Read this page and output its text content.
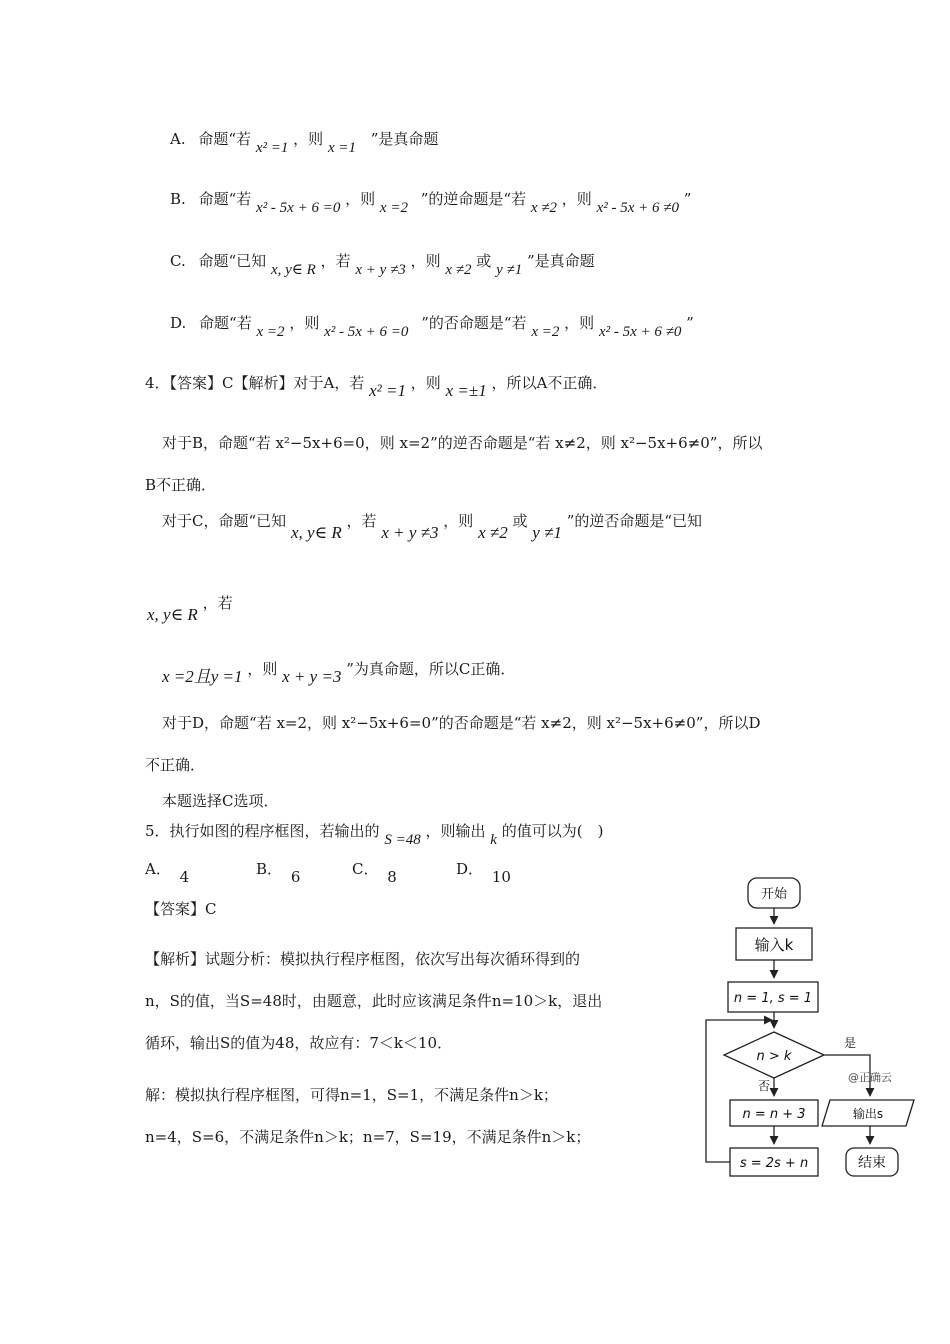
A. 命题“若 x² =1 ，则 x =1 ”是真命题
B. 命题“若 x² - 5x + 6 =0 ，则 x =2 ”的逆命题是“若 x ≠2 ，则 x² - 5x + 6 ≠0 ”
C. 命题“已知 x, y∈ R ，若 x + y ≠3 ，则 x ≠2 或 y ≠1 ”是真命题
D. 命题“若 x =2 ，则 x² - 5x + 6 =0 ”的否命题是“若 x =2 ，则 x² - 5x + 6 ≠0 ”
4．【答案】C【解析】对于A，若 x² =1 ，则 x =±1 ，所以A不正确．
对于B，命题“若 x²−5x+6=0，则 x=2”的逆否命题是“若 x≠2，则 x²−5x+6≠0”，所以
B不正确．
对于C，命题“已知 x, y∈ R ，若 x + y ≠3 ，则 x ≠2 或 y ≠1 ”的逆否命题是“已知
x, y∈ R ，若
x =2且y =1 ，则 x + y =3 ”为真命题，所以C正确．
对于D，命题“若 x=2，则 x²−5x+6=0”的否命题是“若 x≠2，则 x²−5x+6≠0”，所以D
不正确．
本题选择C选项．
5．执行如图的程序框图，若输出的 S =48 ，则输出 k 的值可以为(　)
A． 4	B． 6	C． 8	D． 10
【答案】C
【解析】试题分析：模拟执行程序框图，依次写出每次循环得到的
n，S的值，当S=48时，由题意，此时应该满足条件n=10＞k，退出
循环，输出S的值为48，故应有：7＜k＜10．
解：模拟执行程序框图，可得n=1，S=1，不满足条件n＞k；
n=4，S=6，不满足条件n＞k；n=7，S=19，不满足条件n＞k；
开始
输入k
n = 1, s = 1
n > k
是
否
n = n + 3
s = 2s + n
输出s
结束
@正确云
